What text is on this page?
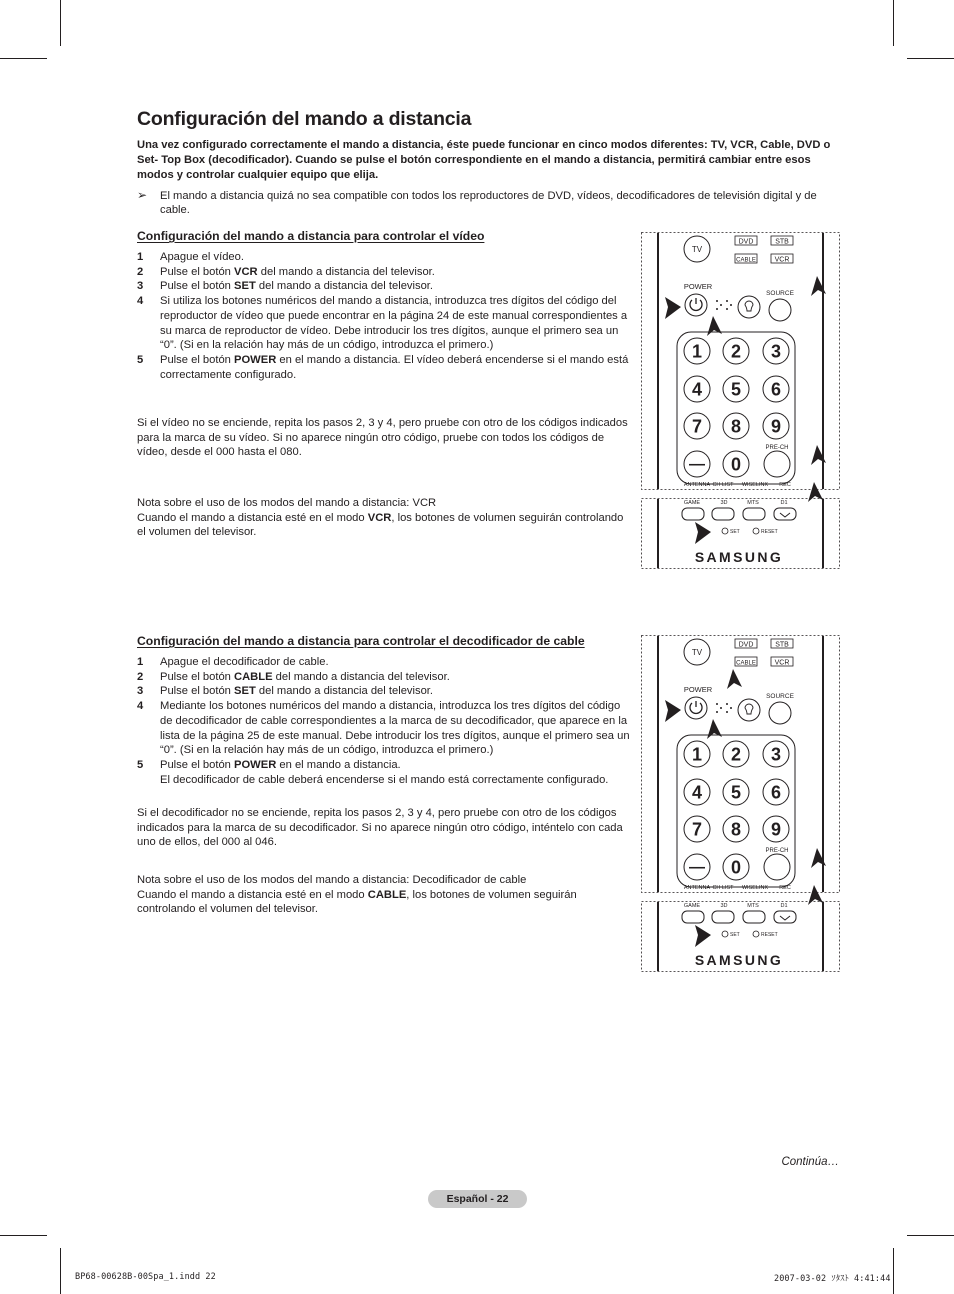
Configuración del mando a distancia
Una vez configurado correctamente el mando a distancia, éste puede funcionar en cinco modos diferentes: TV, VCR, Cable, DVD o Set- Top Box (decodificador). Cuando se pulse el botón correspondiente en el mando a distancia, permitirá cambiar entre esos modos y controlar cualquier equipo que elija.
➢	El mando a distancia quizá no sea compatible con todos los reproductores de DVD, vídeos, decodificadores de televisión digital y de cable.
Configuración del mando a distancia para controlar el vídeo
1 Apague el vídeo.
2 Pulse el botón VCR del mando a distancia del televisor.
3 Pulse el botón SET del mando a distancia del televisor.
4 Si utiliza los botones numéricos del mando a distancia, introduzca tres dígitos del código del reproductor de vídeo que puede encontrar en la página 24 de este manual correspondientes a su marca de reproductor de vídeo. Debe introducir los tres dígitos, aunque el primero sea un “0”. (Si en la relación hay más de un código, introduzca el primero.)
5 Pulse el botón POWER en el mando a distancia. El vídeo deberá encenderse si el mando está correctamente configurado.

Si el vídeo no se enciende, repita los pasos 2, 3 y 4, pero pruebe con otro de los códigos indicados para la marca de su vídeo. Si no aparece ningún otro código, pruebe con todos los códigos de vídeo, desde el 000 hasta el 080.

Nota sobre el uso de los modos del mando a distancia: VCR
Cuando el mando a distancia esté en el modo VCR, los botones de volumen seguirán controlando el volumen del televisor.

Configuración del mando a distancia para controlar el decodificador de cable
1 Apague el decodificador de cable.
2 Pulse el botón CABLE del mando a distancia del televisor.
3 Pulse el botón SET del mando a distancia del televisor.
4 Mediante los botones numéricos del mando a distancia, introduzca los tres dígitos del código de decodificador de cable correspondientes a la marca de su decodificador, que aparece en la lista de la página 25 de este manual. Debe introducir los tres dígitos, aunque el primero sea un “0”. (Si en la relación hay más de un código, introduzca el primero.)
5 Pulse el botón POWER en el mando a distancia.
El decodificador de cable deberá encenderse si el mando está correctamente configurado.

Si el decodificador no se enciende, repita los pasos 2, 3 y 4, pero pruebe con otro de los códigos indicados para la marca de su decodificador. Si no aparece ningún otro código, inténtelo con cada uno de ellos, del 000 al 046.

Nota sobre el uso de los modos del mando a distancia: Decodificador de cable
Cuando el mando a distancia esté en el modo CABLE, los botones de volumen seguirán controlando el volumen del televisor.

TV
DVD	STB
CABLE	VCR
POWER
SOURCE
1 2 3
4 5 6
7 8 9
0
—
PRE-CH
ANTENNA CH LIST WISELINK REC
GAME	3D	MTS	D1
SET	RESET
SAMSUNG
TV
DVD	STB
CABLE	VCR
POWER
SOURCE
1 2 3
4 5 6
7 8 9
0
—
PRE-CH
ANTENNA CH LIST WISELINK REC
GAME	3D	MTS	D1
SET	RESET
SAMSUNG
Continúa…
Español - 22
BP68-00628B-00Spa_1.indd 22	2007-03-02 ｿﾀｽﾄ 4:41:44
